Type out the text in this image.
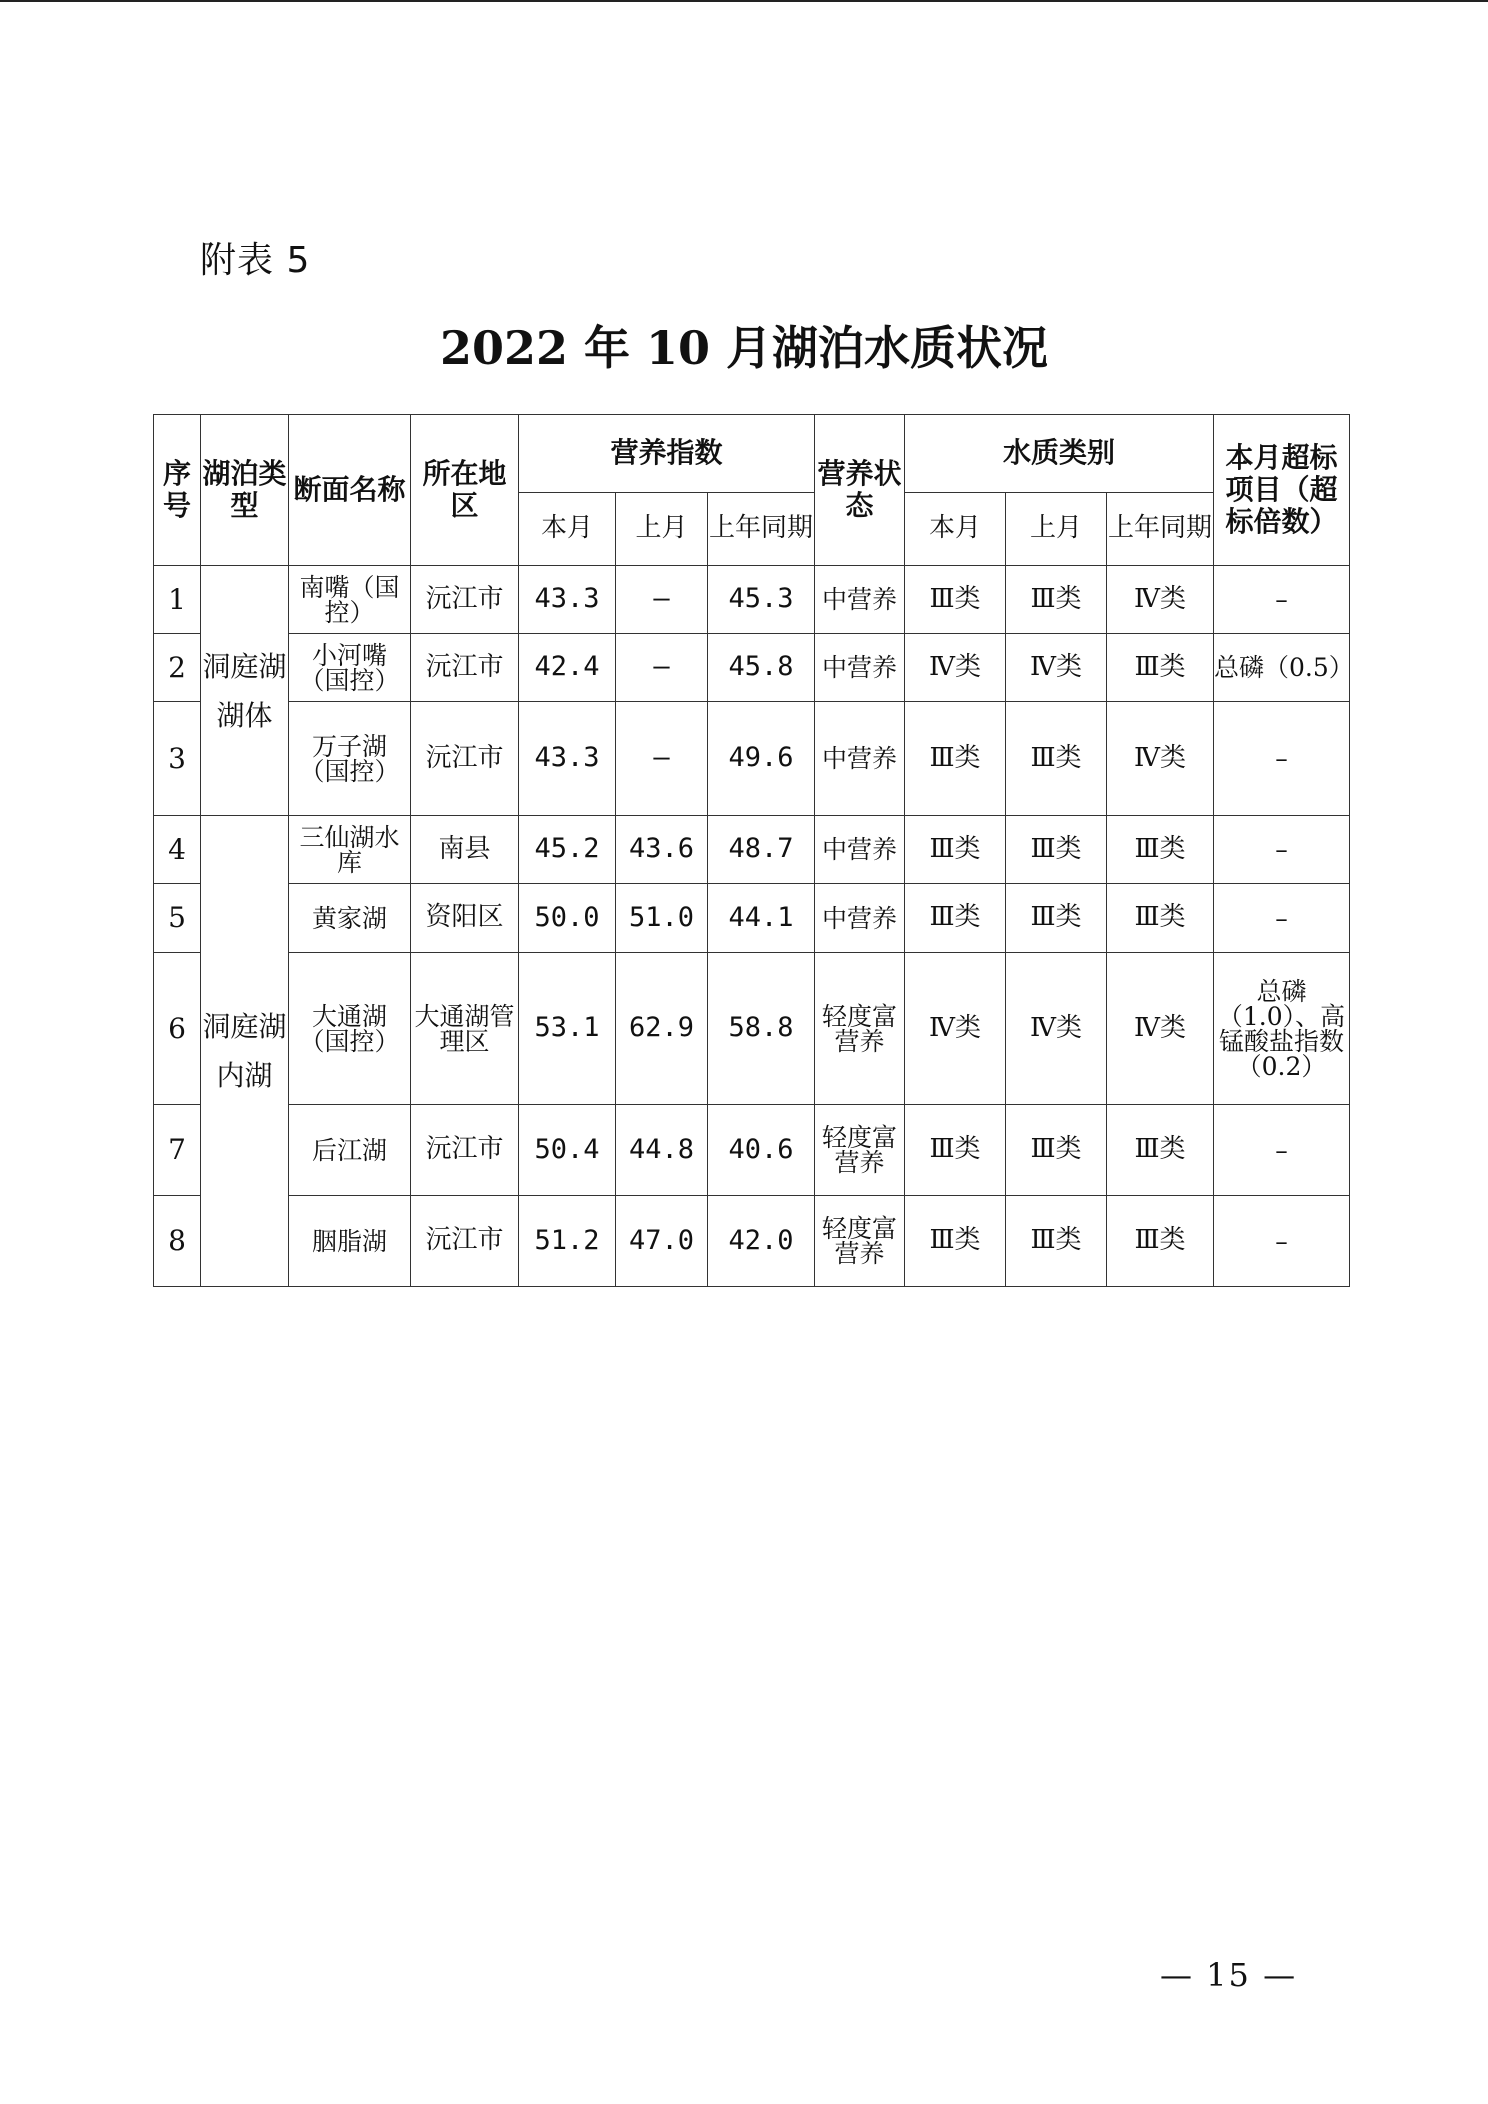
附表 5
2022 年 10 月湖泊水质状况
序号	湖泊类型	断面名称	所在地区	营养指数			营养状态	水质类别			本月超标项目（超标倍数）
				本月	上月	上年同期		本月	上月	上年同期	
1	洞庭湖湖体	南嘴（国控）	沅江市	43.3	–	45.3	中营养	Ⅲ类	Ⅲ类	Ⅳ类	–
2		小河嘴（国控）	沅江市	42.4	–	45.8	中营养	Ⅳ类	Ⅳ类	Ⅲ类	总磷（0.5）
3		万子湖（国控）	沅江市	43.3	–	49.6	中营养	Ⅲ类	Ⅲ类	Ⅳ类	–
4	洞庭湖内湖	三仙湖水库	南县	45.2	43.6	48.7	中营养	Ⅲ类	Ⅲ类	Ⅲ类	–
5		黄家湖	资阳区	50.0	51.0	44.1	中营养	Ⅲ类	Ⅲ类	Ⅲ类	–
6		大通湖（国控）	大通湖管理区	53.1	62.9	58.8	轻度富营养	Ⅳ类	Ⅳ类	Ⅳ类	总磷（1.0）、高锰酸盐指数（0.2）
7		后江湖	沅江市	50.4	44.8	40.6	轻度富营养	Ⅲ类	Ⅲ类	Ⅲ类	–
8		胭脂湖	沅江市	51.2	47.0	42.0	轻度富营养	Ⅲ类	Ⅲ类	Ⅲ类	–
— 15 —
